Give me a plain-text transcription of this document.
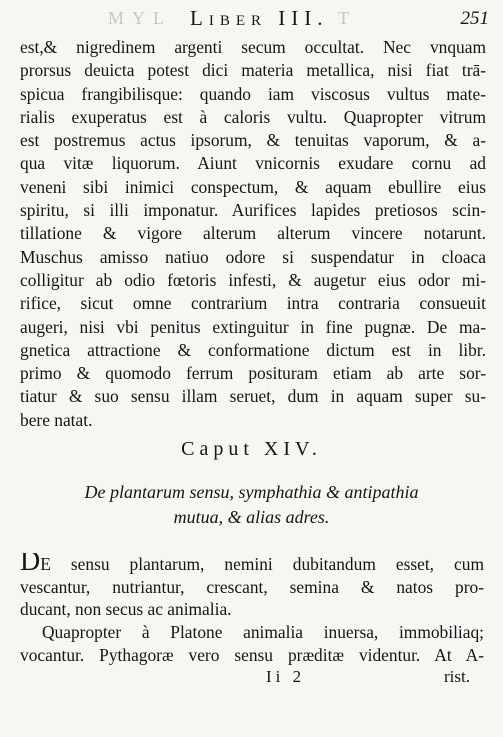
MYL	T
Liber III.	251
est,& nigredinem argenti secum occultat. Nec vnquam
prorsus deuicta potest dici materia metallica, nisi fiat trā-
spicua frangibilisque: quando iam viscosus vultus mate-
rialis exuperatus est à caloris vultu. Quapropter vitrum
est postremus actus ipsorum, & tenuitas vaporum, & a-
qua vitæ liquorum. Aiunt vnicornis exudare cornu ad
veneni sibi inimici conspectum, & aquam ebullire eius
spiritu, si illi imponatur. Aurifices lapides pretiosos scin-
tillatione & vigore alterum alterum vincere notarunt.
Muschus amisso natiuo odore si suspendatur in cloaca
colligitur ab odio fœtoris infesti, & augetur eius odor mi-
rifice, sicut omne contrarium intra contraria consueuit
augeri, nisi vbi penitus extinguitur in fine pugnæ. De ma-
gnetica attractione & conformatione dictum est in libr.
primo & quomodo ferrum posituram etiam ab arte sor-
tiatur & suo sensu illam seruet, dum in aquam super su-
bere natat.
Caput XIV.
De plantarum sensu, symphathia & antipathia
mutua, & alias adres.
DE sensu plantarum, nemini dubitandum esset, cum
vescantur, nutriantur, crescant, semina & natos pro-
ducant, non secus ac animalia.
Quapropter à Platone animalia inuersa, immobiliaq;
vocantur. Pythagoræ vero sensu præditæ videntur. At A-
Ii 2	rist.
